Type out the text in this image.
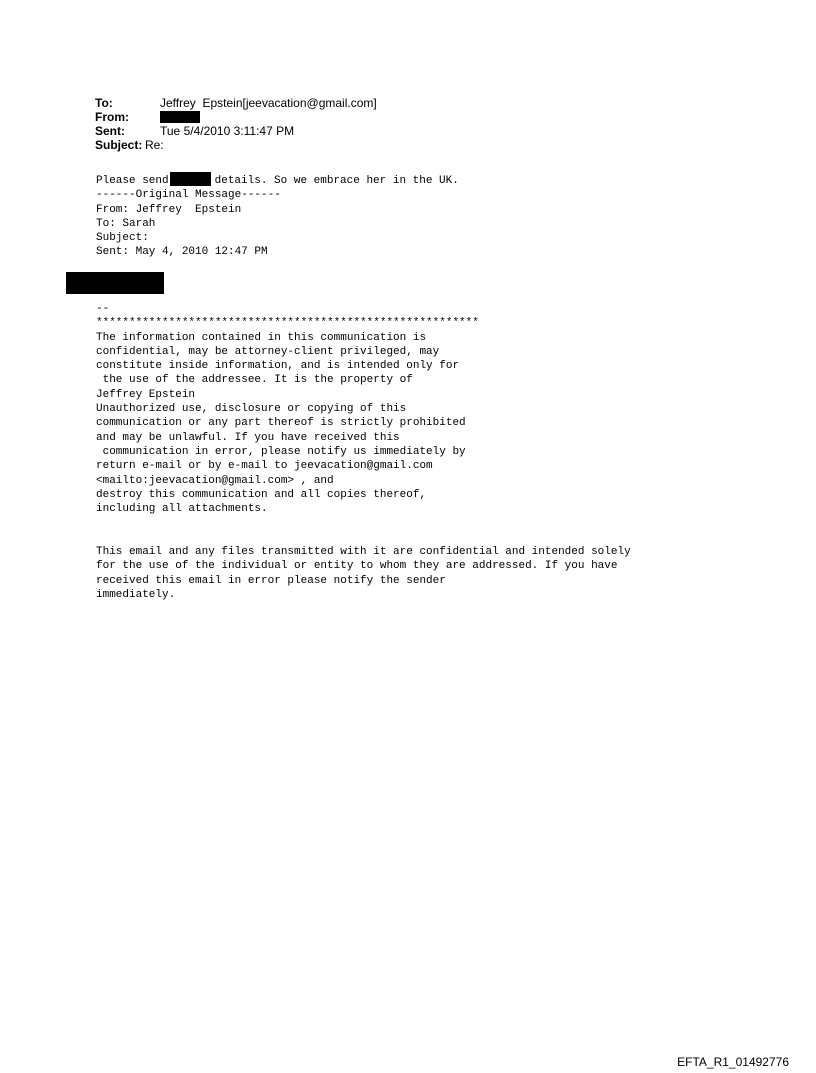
To:	Jeffrey  Epstein[jeevacation@gmail.com]
From:
Sent:	Tue 5/4/2010 3:11:47 PM
Subject: Re:
Please send	details. So we embrace her in the UK.
------Original Message------
From: Jeffrey  Epstein
To: Sarah
Subject:
Sent: May 4, 2010 12:47 PM
--
**********************************************************
The information contained in this communication is
confidential, may be attorney-client privileged, may
constitute inside information, and is intended only for
the use of the addressee. It is the property of
Jeffrey Epstein
Unauthorized use, disclosure or copying of this
communication or any part thereof is strictly prohibited
and may be unlawful. If you have received this
communication in error, please notify us immediately by
return e-mail or by e-mail to jeevacation@gmail.com
<mailto:jeevacation@gmail.com> , and
destroy this communication and all copies thereof,
including all attachments.
This email and any files transmitted with it are confidential and intended solely
for the use of the individual or entity to whom they are addressed. If you have
received this email in error please notify the sender
immediately.
EFTA_R1_01492776
